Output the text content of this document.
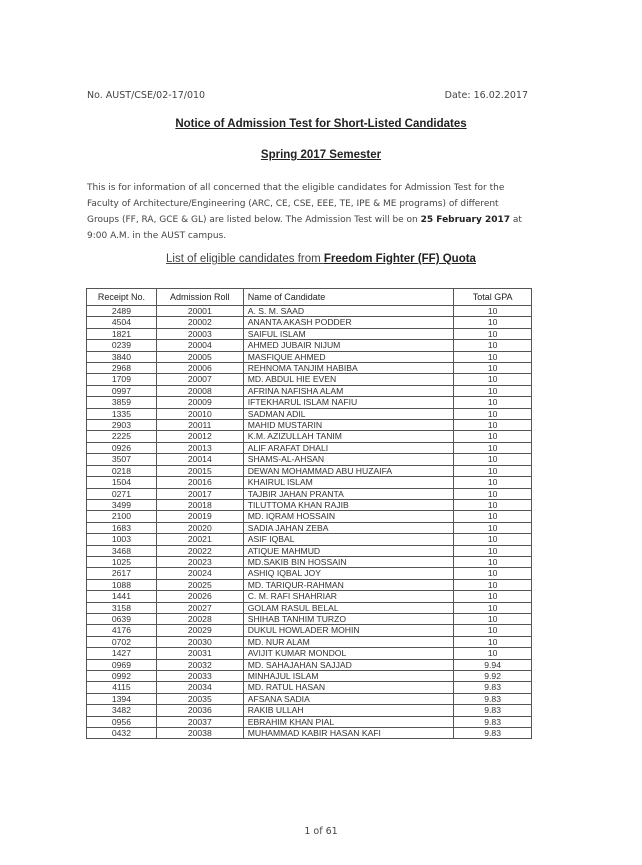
No. AUST/CSE/02-17/010	Date: 16.02.2017
Notice of Admission Test for Short-Listed Candidates
Spring 2017 Semester
This is for information of all concerned that the eligible candidates for Admission Test for the Faculty of Architecture/Engineering (ARC, CE, CSE, EEE, TE, IPE & ME programs) of different Groups (FF, RA, GCE & GL) are listed below. The Admission Test will be on 25 February 2017 at 9:00 A.M. in the AUST campus.
List of eligible candidates from Freedom Fighter (FF) Quota
Receipt No.	Admission Roll	Name of Candidate	Total GPA
2489	20001	A. S. M. SAAD	10
4504	20002	ANANTA AKASH PODDER	10
1821	20003	SAIFUL ISLAM	10
0239	20004	AHMED JUBAIR NIJUM	10
3840	20005	MASFIQUE AHMED	10
2968	20006	REHNOMA TANJIM HABIBA	10
1709	20007	MD. ABDUL HIE EVEN	10
0997	20008	AFRINA NAFISHA ALAM	10
3859	20009	IFTEKHARUL ISLAM NAFIU	10
1335	20010	SADMAN ADIL	10
2903	20011	MAHID MUSTARIN	10
2225	20012	K.M. AZIZULLAH TANIM	10
0926	20013	ALIF ARAFAT DHALI	10
3507	20014	SHAMS-AL-AHSAN	10
0218	20015	DEWAN MOHAMMAD ABU HUZAIFA	10
1504	20016	KHAIRUL ISLAM	10
0271	20017	TAJBIR JAHAN PRANTA	10
3499	20018	TILUTTOMA KHAN RAJIB	10
2100	20019	MD. IQRAM HOSSAIN	10
1683	20020	SADIA JAHAN ZEBA	10
1003	20021	ASIF IQBAL	10
3468	20022	ATIQUE MAHMUD	10
1025	20023	MD.SAKIB BIN HOSSAIN	10
2617	20024	ASHIQ IQBAL JOY	10
1088	20025	MD. TARIQUR-RAHMAN	10
1441	20026	C. M. RAFI SHAHRIAR	10
3158	20027	GOLAM RASUL BELAL	10
0639	20028	SHIHAB TANHIM TURZO	10
4176	20029	DUKUL HOWLADER MOHIN	10
0702	20030	MD. NUR ALAM	10
1427	20031	AVIJIT KUMAR MONDOL	10
0969	20032	MD. SAHAJAHAN SAJJAD	9.94
0992	20033	MINHAJUL ISLAM	9.92
4115	20034	MD. RATUL HASAN	9.83
1394	20035	AFSANA SADIA	9.83
3482	20036	RAKIB ULLAH	9.83
0956	20037	EBRAHIM KHAN PIAL	9.83
0432	20038	MUHAMMAD KABIR HASAN KAFI	9.83
1 of 61
